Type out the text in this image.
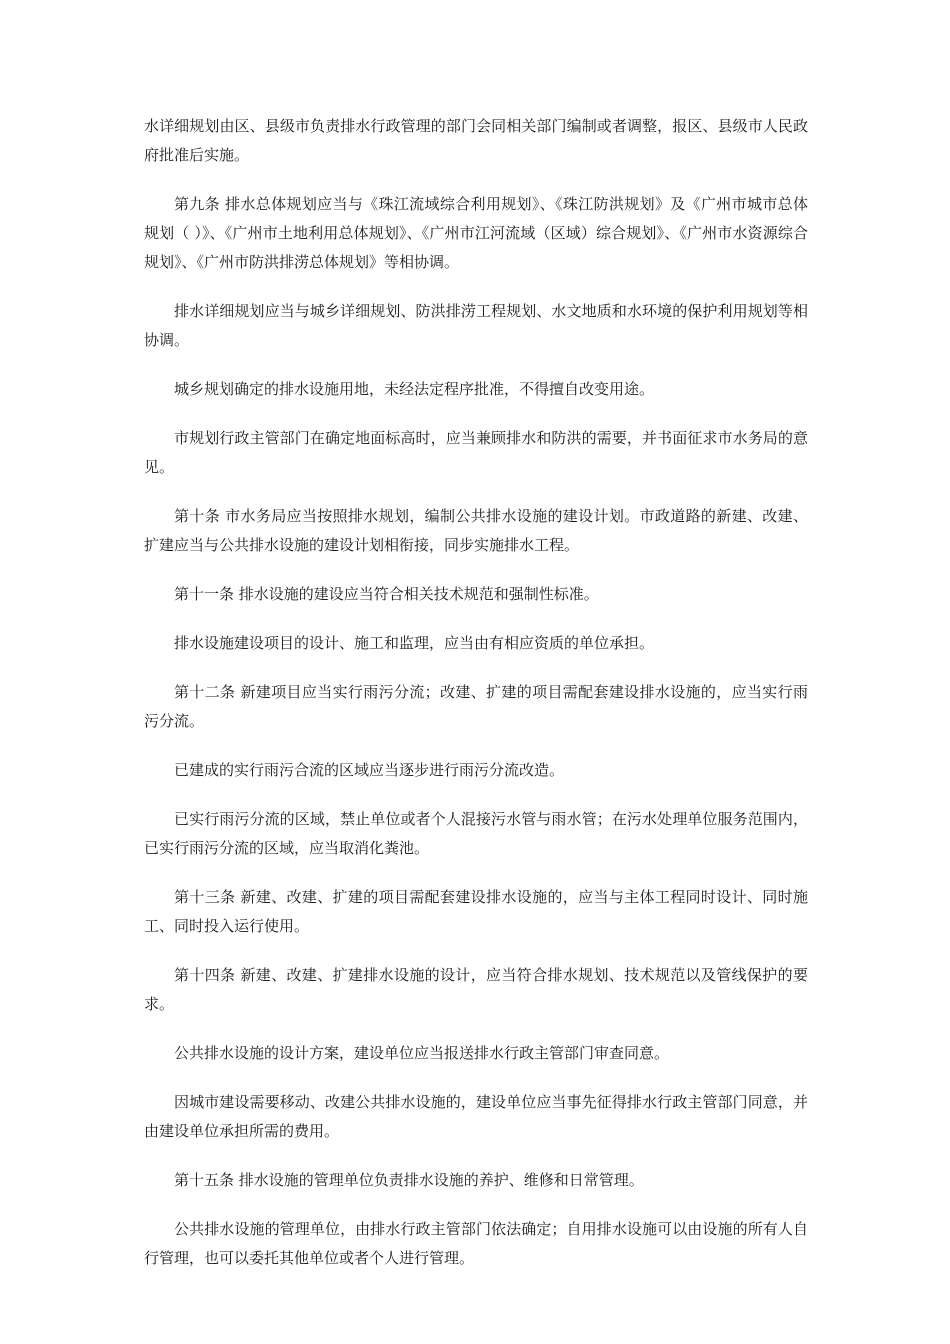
水详细规划由区、县级市负责排水行政管理的部门会同相关部门编制或者调整，报区、县级市人民政府批准后实施。

第九条 排水总体规划应当与《珠江流域综合利用规划》、《珠江防洪规划》及《广州市城市总体规划（ ）》、《广州市土地利用总体规划》、《广州市江河流域（区域）综合规划》、《广州市水资源综合规划》、《广州市防洪排涝总体规划》等相协调。

排水详细规划应当与城乡详细规划、防洪排涝工程规划、水文地质和水环境的保护利用规划等相协调。

城乡规划确定的排水设施用地，未经法定程序批准，不得擅自改变用途。

市规划行政主管部门在确定地面标高时，应当兼顾排水和防洪的需要，并书面征求市水务局的意见。

第十条 市水务局应当按照排水规划，编制公共排水设施的建设计划。市政道路的新建、改建、扩建应当与公共排水设施的建设计划相衔接，同步实施排水工程。

第十一条 排水设施的建设应当符合相关技术规范和强制性标准。

排水设施建设项目的设计、施工和监理，应当由有相应资质的单位承担。

第十二条 新建项目应当实行雨污分流；改建、扩建的项目需配套建设排水设施的，应当实行雨污分流。

已建成的实行雨污合流的区域应当逐步进行雨污分流改造。

已实行雨污分流的区域，禁止单位或者个人混接污水管与雨水管；在污水处理单位服务范围内，已实行雨污分流的区域，应当取消化粪池。

第十三条 新建、改建、扩建的项目需配套建设排水设施的，应当与主体工程同时设计、同时施工、同时投入运行使用。

第十四条 新建、改建、扩建排水设施的设计，应当符合排水规划、技术规范以及管线保护的要求。

公共排水设施的设计方案，建设单位应当报送排水行政主管部门审查同意。

因城市建设需要移动、改建公共排水设施的，建设单位应当事先征得排水行政主管部门同意，并由建设单位承担所需的费用。

第十五条 排水设施的管理单位负责排水设施的养护、维修和日常管理。

公共排水设施的管理单位，由排水行政主管部门依法确定；自用排水设施可以由设施的所有人自行管理，也可以委托其他单位或者个人进行管理。
